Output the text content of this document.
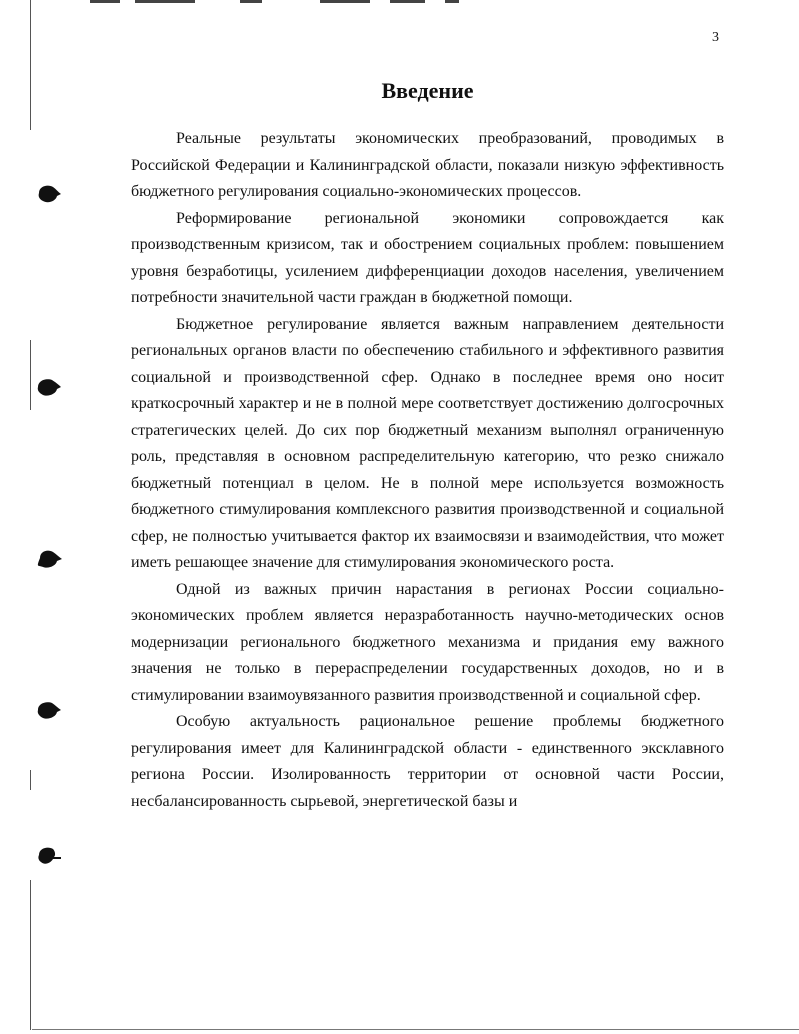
3
Введение

Реальные результаты экономических преобразований, проводимых в Российской Федерации и Калининградской области, показали низкую эффективность бюджетного регулирования социально-экономических процессов.

Реформирование региональной экономики сопровождается как производственным кризисом, так и обострением социальных проблем: повышением уровня безработицы, усилением дифференциации доходов населения, увеличением потребности значительной части граждан в бюджетной помощи.

Бюджетное регулирование является важным направлением деятельности региональных органов власти по обеспечению стабильного и эффективного развития социальной и производственной сфер. Однако в последнее время оно носит краткосрочный характер и не в полной мере соответствует достижению долгосрочных стратегических целей. До сих пор бюджетный механизм выполнял ограниченную роль, представляя в основном распределительную категорию, что резко снижало бюджетный потенциал в целом. Не в полной мере используется возможность бюджетного стимулирования комплексного развития производственной и социальной сфер, не полностью учитывается фактор их взаимосвязи и взаимодействия, что может иметь решающее значение для стимулирования экономического роста.

Одной из важных причин нарастания в регионах России социально-экономических проблем является неразработанность научно-методических основ модернизации регионального бюджетного механизма и придания ему важного значения не только в перераспределении государственных доходов, но и в стимулировании взаимоувязанного развития производственной и социальной сфер.

Особую актуальность рациональное решение проблемы бюджетного регулирования имеет для Калининградской области - единственного эксклавного региона России. Изолированность территории от основной части России, несбалансированность сырьевой, энергетической базы и
